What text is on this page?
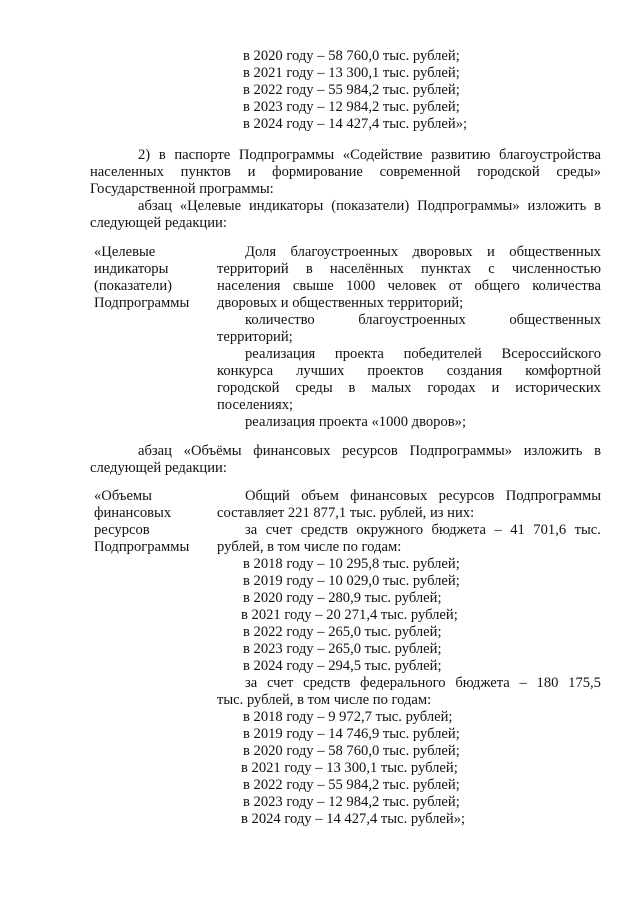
в 2020 году – 58 760,0 тыс. рублей;
в 2021 году – 13 300,1 тыс. рублей;
в 2022 году – 55 984,2 тыс. рублей;
в 2023 году – 12 984,2 тыс. рублей;
в 2024 году – 14 427,4 тыс. рублей»;
2) в паспорте Подпрограммы «Содействие развитию благоустройства
населенных пунктов и формирование современной городской среды»
Государственной программы:
абзац «Целевые индикаторы (показатели) Подпрограммы» изложить в
следующей редакции:
«Целевые
индикаторы
(показатели)
Подпрограммы
Доля благоустроенных дворовых и общественных
территорий в населённых пунктах с численностью
населения свыше 1000 человек от общего количества
дворовых и общественных территорий;
количество	благоустроенных	общественных
территорий;
реализация проекта победителей Всероссийского
конкурса лучших проектов создания комфортной
городской среды в малых городах и исторических
поселениях;
реализация проекта «1000 дворов»;
абзац «Объёмы финансовых ресурсов Подпрограммы» изложить в
следующей редакции:
«Объемы
финансовых
ресурсов
Подпрограммы
Общий объем финансовых ресурсов Подпрограммы
составляет 221 877,1 тыс. рублей, из них:
за счет средств окружного бюджета – 41 701,6 тыс.
рублей, в том числе по годам:
в 2018 году – 10 295,8 тыс. рублей;
в 2019 году – 10 029,0 тыс. рублей;
в 2020 году – 280,9 тыс. рублей;
в 2021 году – 20 271,4 тыс. рублей;
в 2022 году – 265,0 тыс. рублей;
в 2023 году – 265,0 тыс. рублей;
в 2024 году – 294,5 тыс. рублей;
за счет средств федерального бюджета – 180 175,5
тыс. рублей, в том числе по годам:
в 2018 году – 9 972,7 тыс. рублей;
в 2019 году – 14 746,9 тыс. рублей;
в 2020 году – 58 760,0 тыс. рублей;
в 2021 году – 13 300,1 тыс. рублей;
в 2022 году – 55 984,2 тыс. рублей;
в 2023 году – 12 984,2 тыс. рублей;
в 2024 году – 14 427,4 тыс. рублей»;
